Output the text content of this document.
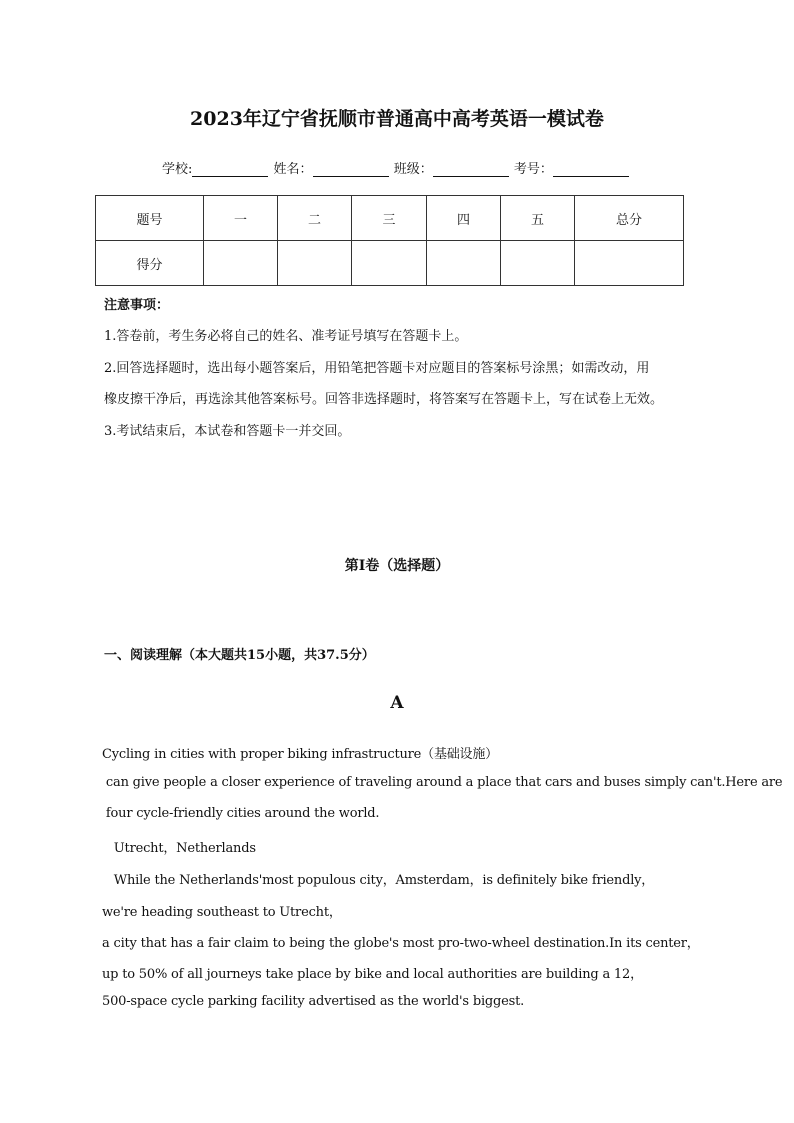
2023年辽宁省抚顺市普通高中高考英语一模试卷
学校:	姓名：	班级：	考号：
题号	一	二	三	四	五	总分
得分						
注意事项：
1.答卷前，考生务必将自己的姓名、准考证号填写在答题卡上。
2.回答选择题时，选出每小题答案后，用铅笔把答题卡对应题目的答案标号涂黑；如需改动，用
橡皮擦干净后，再选涂其他答案标号。回答非选择题时，将答案写在答题卡上，写在试卷上无效。
3.考试结束后，本试卷和答题卡一并交回。
第I卷（选择题）
一、阅读理解（本大题共15小题，共37.5分）
A
Cycling in cities with proper biking infrastructure（基础设施）
can give people a closer experience of traveling around a place that cars and buses simply can't.Here are
four cycle-friendly cities around the world.
Utrecht，Netherlands
While the Netherlands'most populous city，Amsterdam，is definitely bike friendly，
we're heading southeast to Utrecht，
a city that has a fair claim to being the globe's most pro-two-wheel destination.In its center，
up to 50% of all journeys take place by bike and local authorities are building a 12，
500-space cycle parking facility advertised as the world's biggest.
